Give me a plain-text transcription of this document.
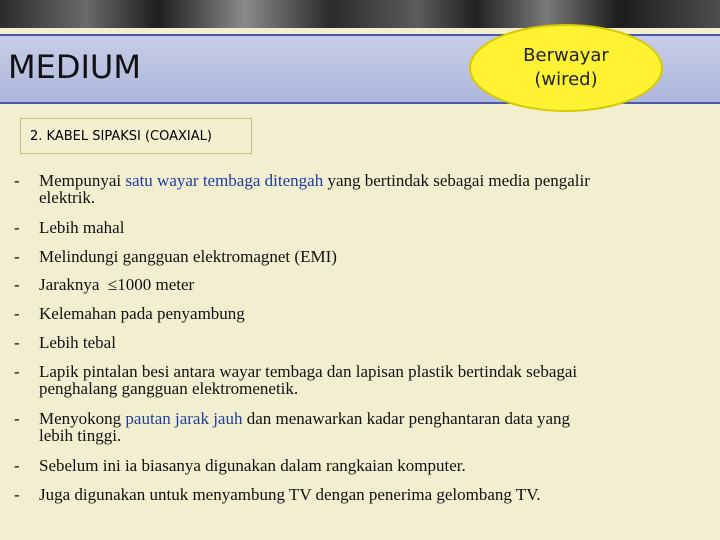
MEDIUM	Berwayar
(wired)
2. KABEL SIPAKSI (COAXIAL)
- Mempunyai satu wayar tembaga ditengah yang bertindak sebagai media pengalir
elektrik.
- Lebih mahal
- Melindungi gangguan elektromagnet (EMI)
- Jaraknya  ≤1000 meter
- Kelemahan pada penyambung
- Lebih tebal
- Lapik pintalan besi antara wayar tembaga dan lapisan plastik bertindak sebagai
penghalang gangguan elektromenetik.
- Menyokong pautan jarak jauh dan menawarkan kadar penghantaran data yang
lebih tinggi.
- Sebelum ini ia biasanya digunakan dalam rangkaian komputer.
- Juga digunakan untuk menyambung TV dengan penerima gelombang TV.
